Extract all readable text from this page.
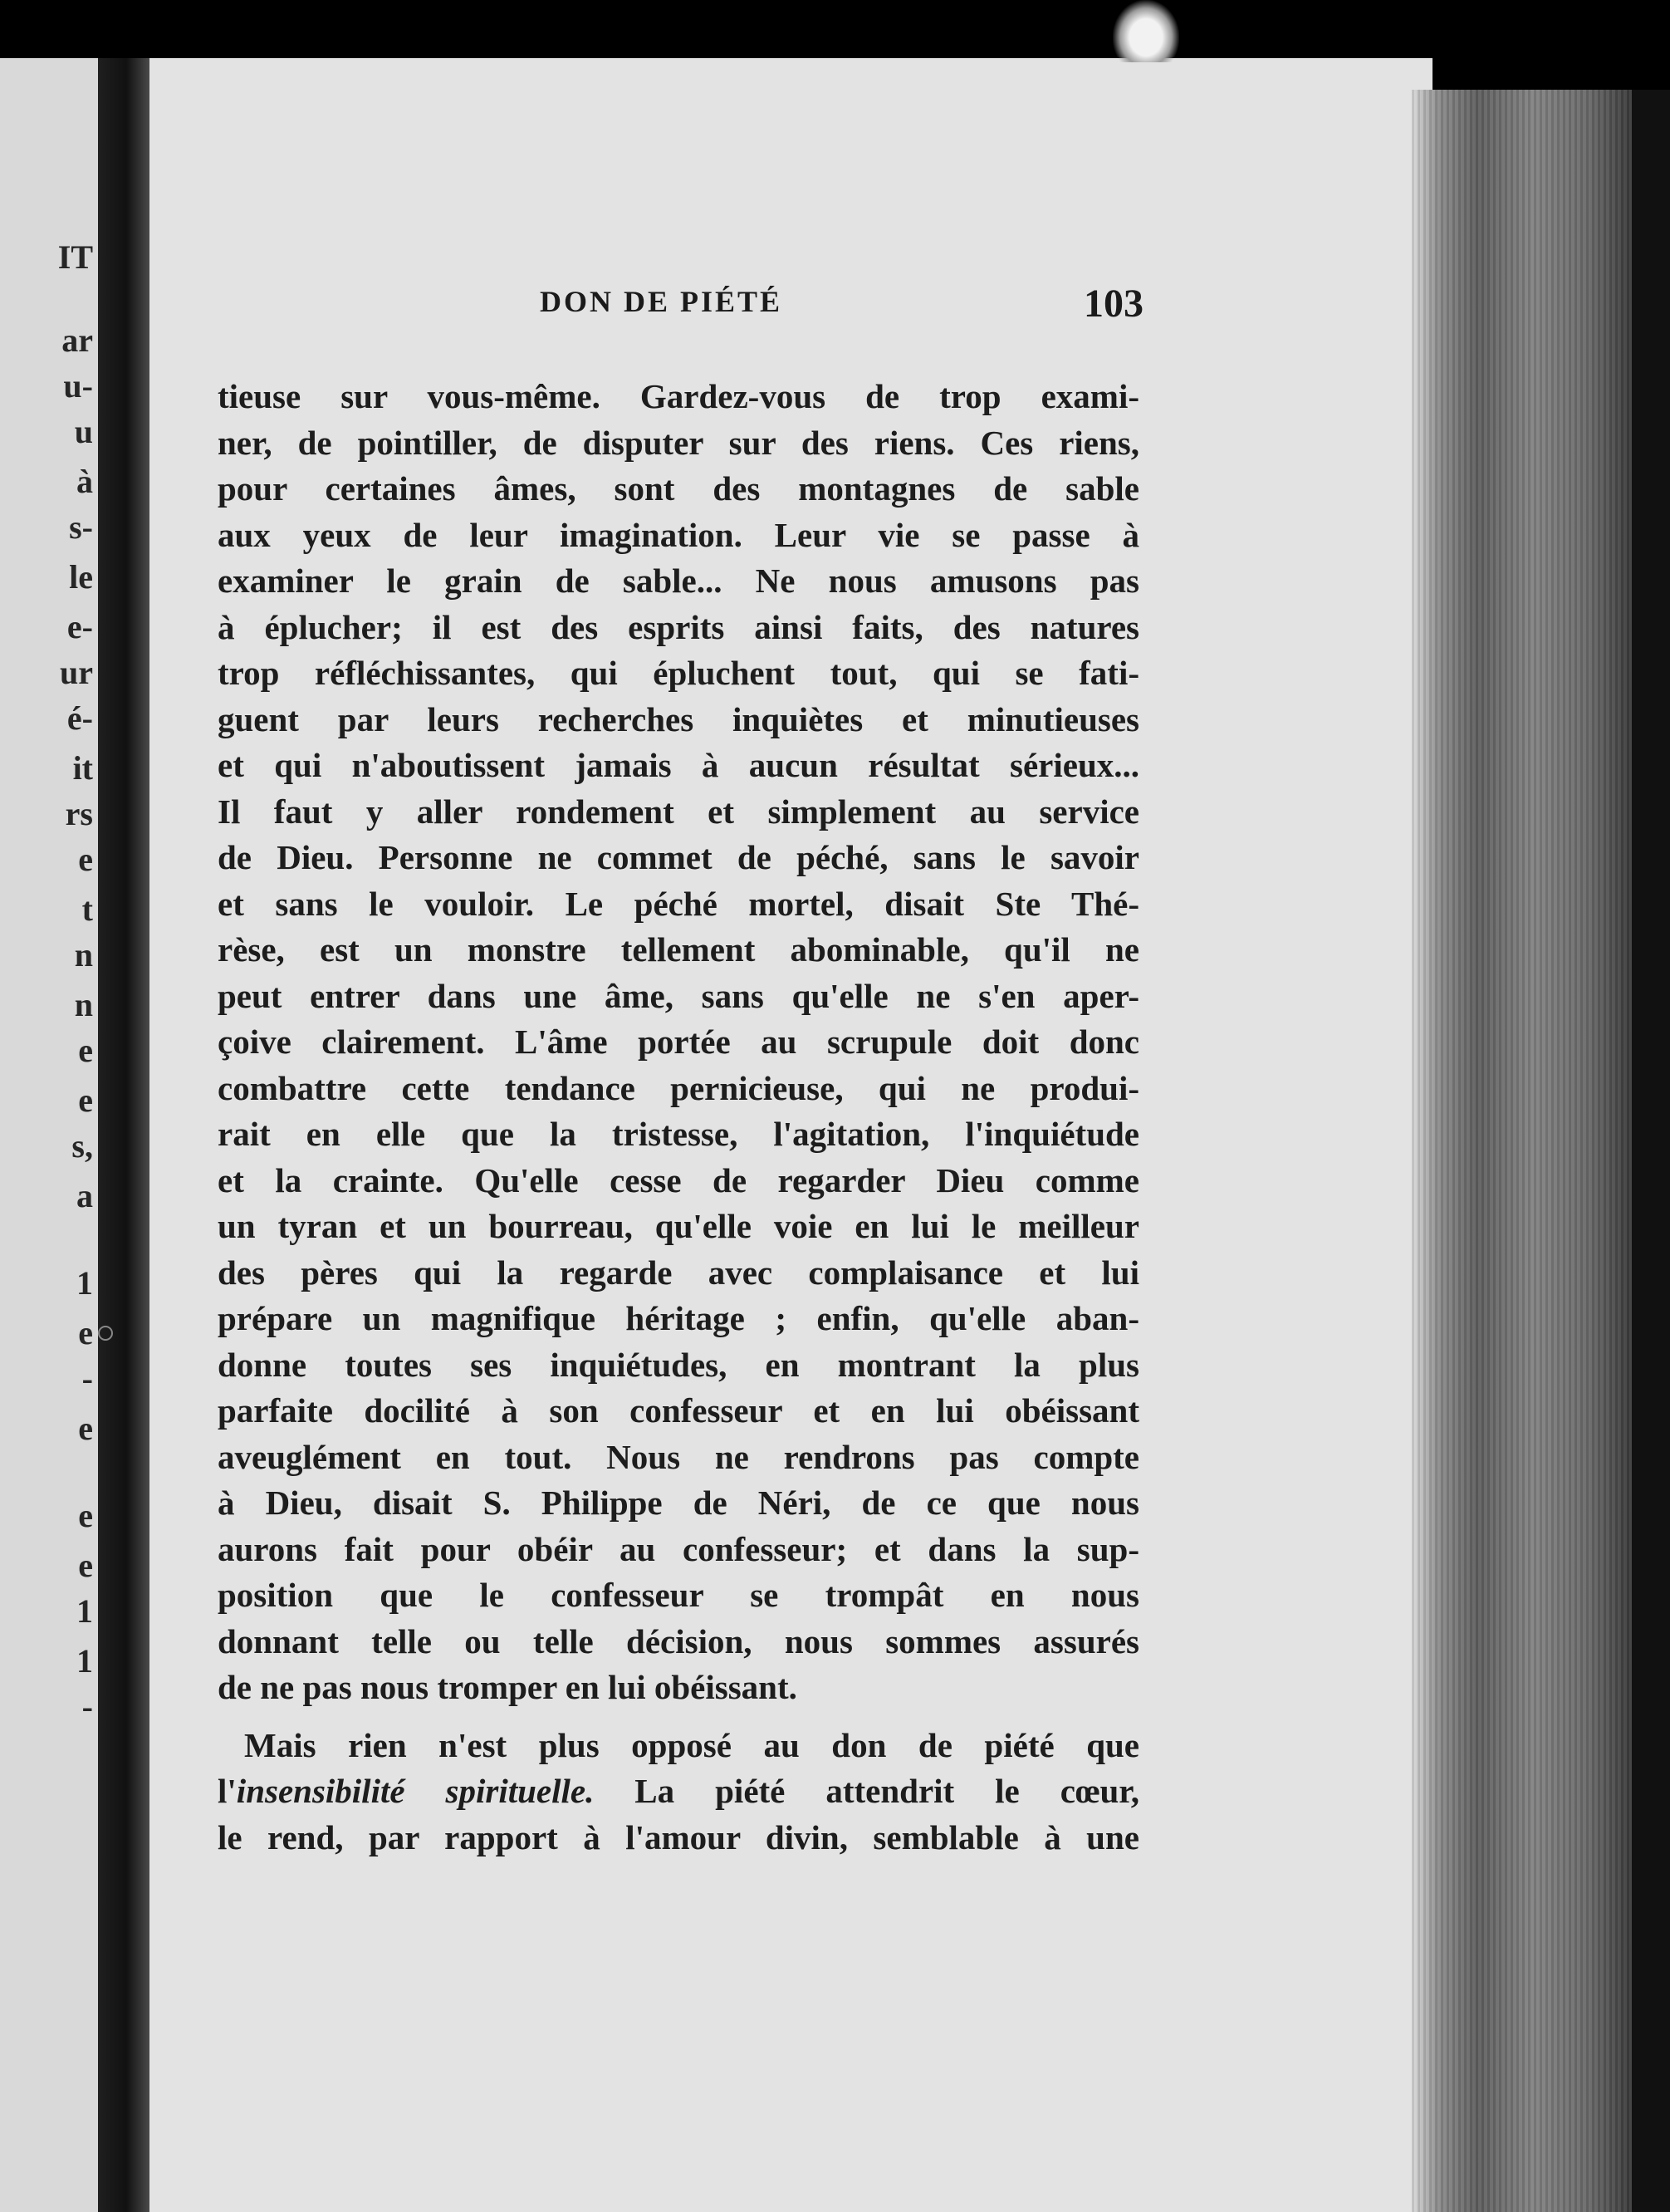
IT

ar

u-

u

à

s-

le

e-

ur

é-

it

rs

e

t

n

n

e

e

s,

a

1

e

-

e

e

e

1

1

-

DON DE PIÉTÉ	103
tieuse sur vous-même. Gardez-vous de trop exami-
ner, de pointiller, de disputer sur des riens. Ces riens,
pour certaines âmes, sont des montagnes de sable
aux yeux de leur imagination. Leur vie se passe à
examiner le grain de sable... Ne nous amusons pas
à éplucher; il est des esprits ainsi faits, des natures
trop réfléchissantes, qui épluchent tout, qui se fati-
guent par leurs recherches inquiètes et minutieuses
et qui n'aboutissent jamais à aucun résultat sérieux...
Il faut y aller rondement et simplement au service
de Dieu. Personne ne commet de péché, sans le savoir
et sans le vouloir. Le péché mortel, disait Ste Thé-
rèse, est un monstre tellement abominable, qu'il ne
peut entrer dans une âme, sans qu'elle ne s'en aper-
çoive clairement. L'âme portée au scrupule doit donc
combattre cette tendance pernicieuse, qui ne produi-
rait en elle que la tristesse, l'agitation, l'inquiétude
et la crainte. Qu'elle cesse de regarder Dieu comme
un tyran et un bourreau, qu'elle voie en lui le meilleur
des pères qui la regarde avec complaisance et lui
prépare un magnifique héritage ; enfin, qu'elle aban-
donne toutes ses inquiétudes, en montrant la plus
parfaite docilité à son confesseur et en lui obéissant
aveuglément en tout. Nous ne rendrons pas compte
à Dieu, disait S. Philippe de Néri, de ce que nous
aurons fait pour obéir au confesseur; et dans la sup-
position que le confesseur se trompât en nous
donnant telle ou telle décision, nous sommes assurés
de ne pas nous tromper en lui obéissant.
Mais rien n'est plus opposé au don de piété que
l'insensibilité spirituelle. La piété attendrit le cœur,
le rend, par rapport à l'amour divin, semblable à une
